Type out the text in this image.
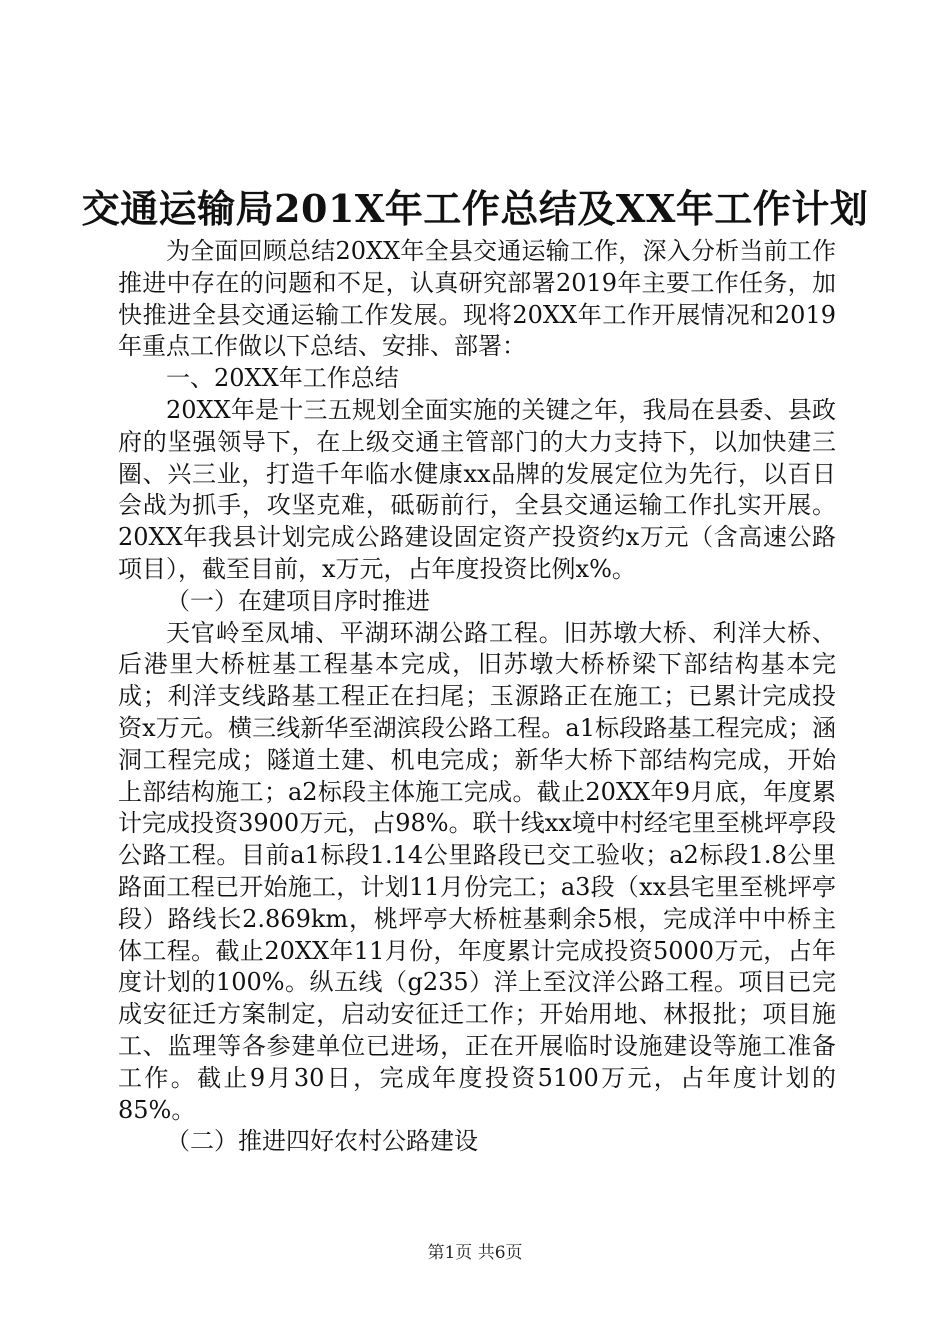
交通运输局201X年工作总结及XX年工作计划

为全面回顾总结20XX年全县交通运输工作，深入分析当前工作推进中存在的问题和不足，认真研究部署2019年主要工作任务，加快推进全县交通运输工作发展。现将20XX年工作开展情况和2019年重点工作做以下总结、安排、部署：

一、20XX年工作总结

20XX年是十三五规划全面实施的关键之年，我局在县委、县政府的坚强领导下，在上级交通主管部门的大力支持下，以加快建三圈、兴三业，打造千年临水健康xx品牌的发展定位为先行，以百日会战为抓手，攻坚克难，砥砺前行，全县交通运输工作扎实开展。20XX年我县计划完成公路建设固定资产投资约x万元（含高速公路项目），截至目前，x万元，占年度投资比例x%。

（一）在建项目序时推进

天官岭至凤埔、平湖环湖公路工程。旧苏墩大桥、利洋大桥、后港里大桥桩基工程基本完成，旧苏墩大桥桥梁下部结构基本完成；利洋支线路基工程正在扫尾；玉源路正在施工；已累计完成投资x万元。横三线新华至湖滨段公路工程。a1标段路基工程完成；涵洞工程完成；隧道土建、机电完成；新华大桥下部结构完成，开始上部结构施工；a2标段主体施工完成。截止20XX年9月底，年度累计完成投资3900万元，占98%。联十线xx境中村经宅里至桃坪亭段公路工程。目前a1标段1.14公里路段已交工验收；a2标段1.8公里路面工程已开始施工，计划11月份完工；a3段（xx县宅里至桃坪亭段）路线长2.869km，桃坪亭大桥桩基剩余5根，完成洋中中桥主体工程。截止20XX年11月份，年度累计完成投资5000万元，占年度计划的100%。纵五线（g235）洋上至汶洋公路工程。项目已完成安征迁方案制定，启动安征迁工作；开始用地、林报批；项目施工、监理等各参建单位已进场，正在开展临时设施建设等施工准备工作。截止9月30日，完成年度投资5100万元，占年度计划的85%。

（二）推进四好农村公路建设

第1页 共6页
